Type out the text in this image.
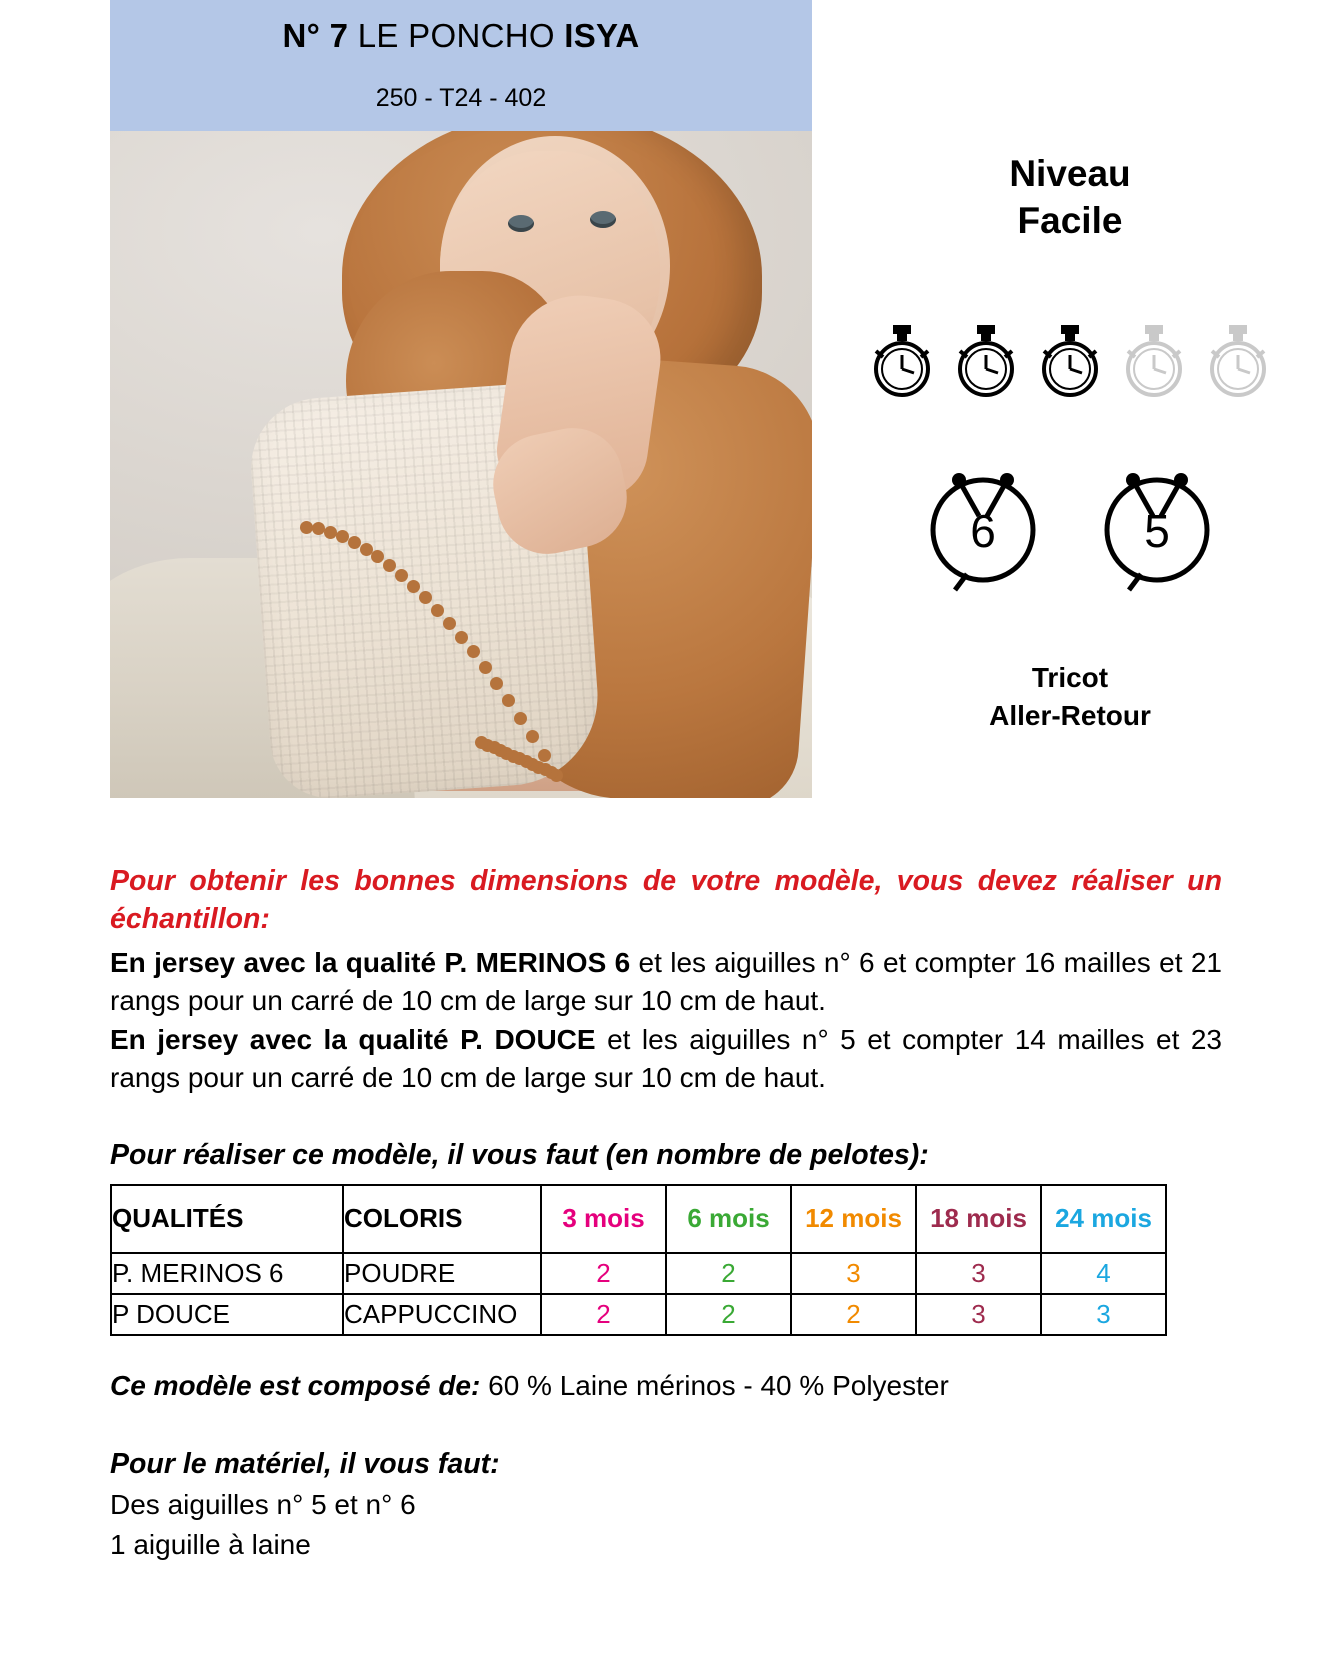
N° 7 LE PONCHO ISYA
250 - T24 - 402
Niveau
Facile
6	5
Tricot
Aller-Retour

Pour obtenir les bonnes dimensions de votre modèle, vous devez réaliser un échantillon:

En jersey avec la qualité P. MERINOS 6 et les aiguilles n° 6 et compter 16 mailles et 21 rangs pour un carré de 10 cm de large sur 10 cm de haut.

En jersey avec la qualité P. DOUCE et les aiguilles n° 5 et compter 14 mailles et 23 rangs pour un carré de 10 cm de large sur 10 cm de haut.

Pour réaliser ce modèle, il vous faut (en nombre de pelotes):
QUALITÉS	COLORIS	3 mois	6 mois	12 mois	18 mois	24 mois
P. MERINOS 6	POUDRE	2	2	3	3	4
P DOUCE	CAPPUCCINO	2	2	2	3	3
Ce modèle est composé de: 60 % Laine mérinos - 40 % Polyester
Pour le matériel, il vous faut:
Des aiguilles n° 5 et n° 6
1 aiguille à laine
